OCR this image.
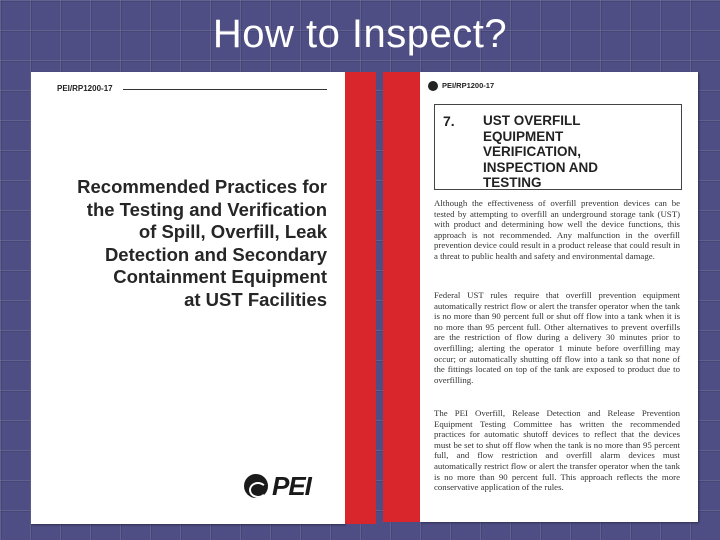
How to Inspect?
PEI/RP1200-17
Recommended Practices for
the Testing and Verification
of Spill, Overfill, Leak
Detection and Secondary
Containment Equipment
at UST Facilities
PEI
PEI/RP1200-17
7. UST OVERFILL
EQUIPMENT
VERIFICATION,
INSPECTION AND
TESTING

Although the effectiveness of overfill prevention devices can be tested by attempting to overfill an underground storage tank (UST) with product and determining how well the device functions, this approach is not recommended. Any malfunction in the overfill prevention device could result in a product release that could result in a threat to public health and safety and environmental damage.

Federal UST rules require that overfill prevention equipment automatically restrict flow or alert the transfer operator when the tank is no more than 90 percent full or shut off flow into a tank when it is no more than 95 percent full. Other alternatives to prevent overfills are the restriction of flow during a delivery 30 minutes prior to overfilling; alerting the operator 1 minute before overfilling may occur; or automatically shutting off flow into a tank so that none of the fittings located on top of the tank are exposed to product due to overfilling.

The PEI Overfill, Release Detection and Release Prevention Equipment Testing Committee has written the recommended practices for automatic shutoff devices to reflect that the devices must be set to shut off flow when the tank is no more than 95 percent full, and flow restriction and overfill alarm devices must automatically restrict flow or alert the transfer operator when the tank is no more than 90 percent full. This approach reflects the more conservative application of the rules.
